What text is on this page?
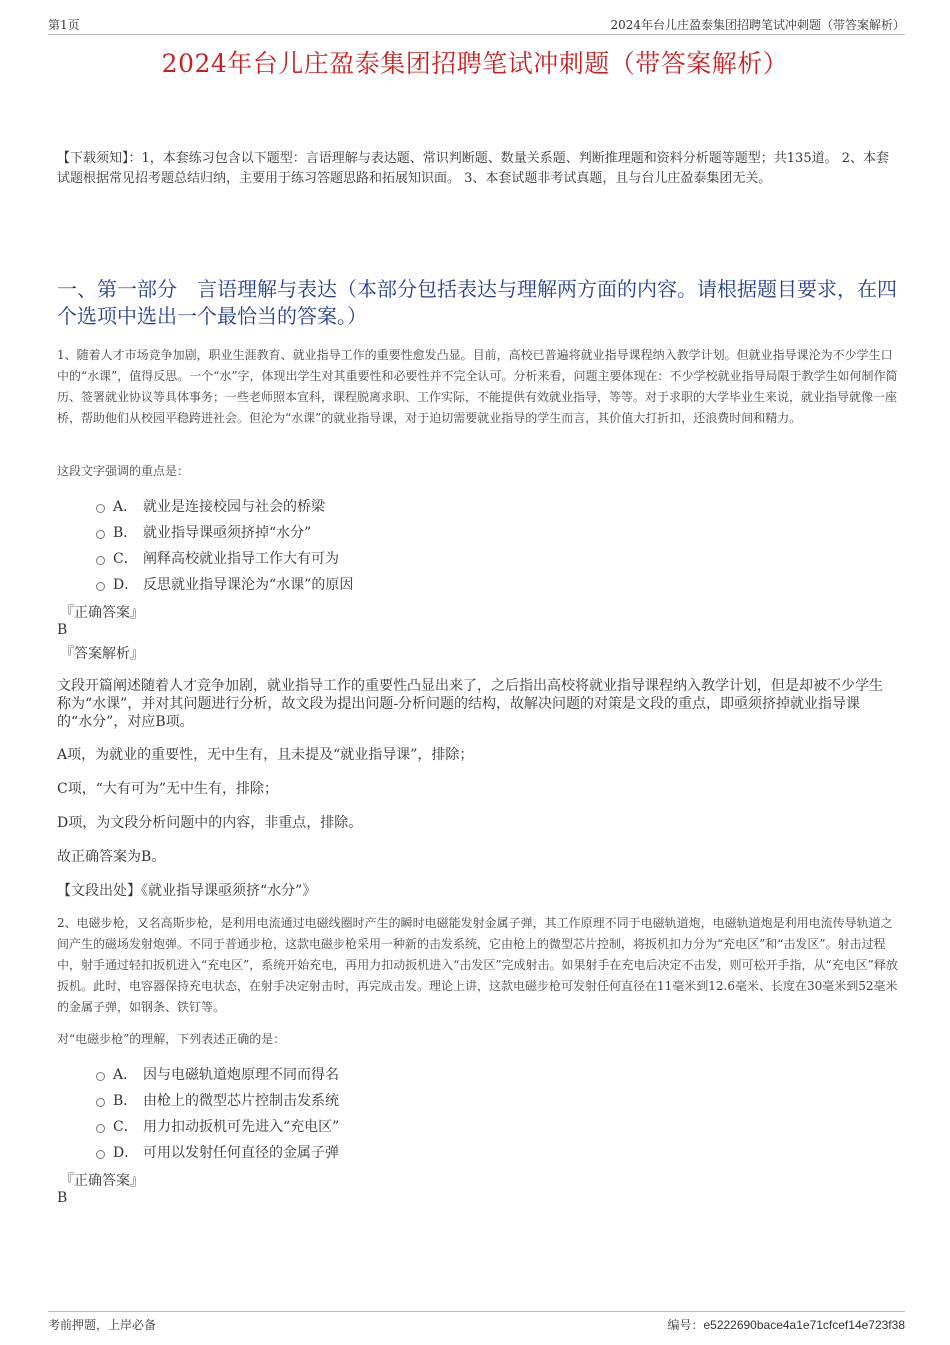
第1页	2024年台儿庄盈泰集团招聘笔试冲刺题（带答案解析）
2024年台儿庄盈泰集团招聘笔试冲刺题（带答案解析）
【下载须知】：1，本套练习包含以下题型：言语理解与表达题、常识判断题、数量关系题、判断推理题和资料分析题等题型；共135道。 2、本套试题根据常见招考题总结归纳，主要用于练习答题思路和拓展知识面。 3、本套试题非考试真题，且与台儿庄盈泰集团无关。
一、第一部分　言语理解与表达（本部分包括表达与理解两方面的内容。请根据题目要求，在四个选项中选出一个最恰当的答案。）
1、随着人才市场竞争加剧，职业生涯教育、就业指导工作的重要性愈发凸显。目前，高校已普遍将就业指导课程纳入教学计划。但就业指导课沦为不少学生口中的“水课”，值得反思。一个“水”字，体现出学生对其重要性和必要性并不完全认可。分析来看，问题主要体现在：不少学校就业指导局限于教学生如何制作简历、签署就业协议等具体事务；一些老师照本宣科，课程脱离求职、工作实际，不能提供有效就业指导，等等。对于求职的大学毕业生来说，就业指导就像一座桥，帮助他们从校园平稳跨进社会。但沦为“水课”的就业指导课，对于迫切需要就业指导的学生而言，其价值大打折扣，还浪费时间和精力。
这段文字强调的重点是：
A． 就业是连接校园与社会的桥梁
B． 就业指导课亟须挤掉“水分”
C． 阐释高校就业指导工作大有可为
D． 反思就业指导课沦为“水课”的原因
『正确答案』
B
『答案解析』

文段开篇阐述随着人才竞争加剧，就业指导工作的重要性凸显出来了，之后指出高校将就业指导课程纳入教学计划，但是却被不少学生称为“水课”，并对其问题进行分析，故文段为提出问题-分析问题的结构，故解决问题的对策是文段的重点，即亟须挤掉就业指导课的“水分”，对应B项。

A项，为就业的重要性，无中生有，且未提及“就业指导课”，排除；
C项，“大有可为”无中生有，排除；
D项，为文段分析问题中的内容，非重点，排除。
故正确答案为B。
【文段出处】《就业指导课亟须挤“水分”》
2、电磁步枪，又名高斯步枪，是利用电流通过电磁线圈时产生的瞬时电磁能发射金属子弹，其工作原理不同于电磁轨道炮，电磁轨道炮是利用电流传导轨道之间产生的磁场发射炮弹。不同于普通步枪，这款电磁步枪采用一种新的击发系统，它由枪上的微型芯片控制，将扳机扣力分为“充电区”和“击发区”。射击过程中，射手通过轻扣扳机进入“充电区”，系统开始充电，再用力扣动扳机进入“击发区”完成射击。如果射手在充电后决定不击发，则可松开手指，从“充电区”释放扳机。此时，电容器保持充电状态，在射手决定射击时，再完成击发。理论上讲，这款电磁步枪可发射任何直径在11毫米到12.6毫米、长度在30毫米到52毫米的金属子弹，如钢条、铁钉等。
对“电磁步枪”的理解，下列表述正确的是：
A． 因与电磁轨道炮原理不同而得名
B． 由枪上的微型芯片控制击发系统
C． 用力扣动扳机可先进入“充电区”
D． 可用以发射任何直径的金属子弹
『正确答案』
B
考前押题，上岸必备	编号：e5222690bace4a1e71cfcef14e723f38
